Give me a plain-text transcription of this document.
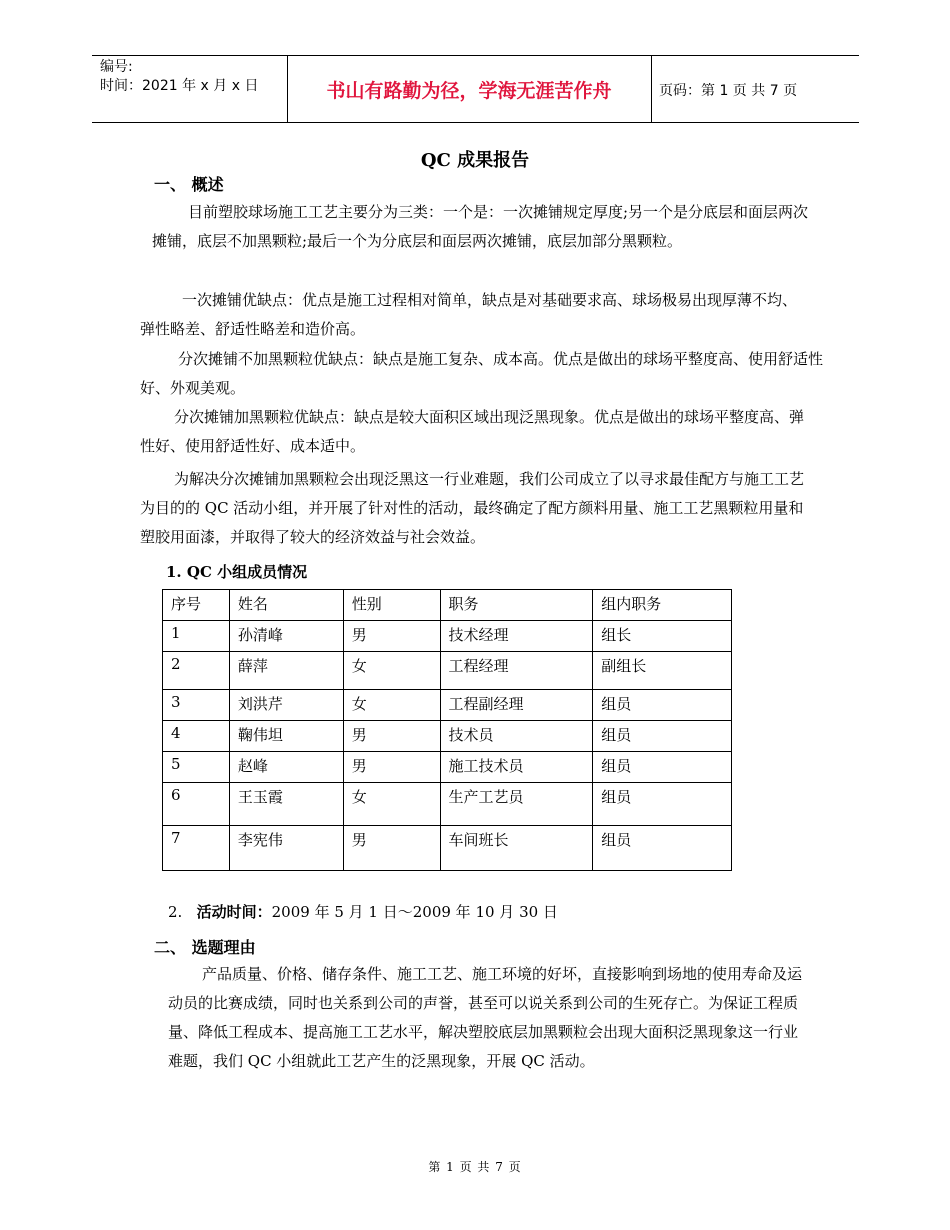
编号:
时间：2021 年 x 月 x 日	书山有路勤为径，学海无涯苦作舟	页码：第 1 页 共 7 页
QC 成果报告
一、 概述
目前塑胶球场施工工艺主要分为三类：一个是：一次摊铺规定厚度;另一个是分底层和面层两次摊铺，底层不加黑颗粒;最后一个为分底层和面层两次摊铺，底层加部分黑颗粒。
一次摊铺优缺点：优点是施工过程相对简单，缺点是对基础要求高、球场极易出现厚薄不均、弹性略差、舒适性略差和造价高。
分次摊铺不加黑颗粒优缺点：缺点是施工复杂、成本高。优点是做出的球场平整度高、使用舒适性好、外观美观。
分次摊铺加黑颗粒优缺点：缺点是较大面积区域出现泛黑现象。优点是做出的球场平整度高、弹性好、使用舒适性好、成本适中。
为解决分次摊铺加黑颗粒会出现泛黑这一行业难题，我们公司成立了以寻求最佳配方与施工工艺为目的的 QC 活动小组，并开展了针对性的活动，最终确定了配方颜料用量、施工工艺黑颗粒用量和塑胶用面漆，并取得了较大的经济效益与社会效益。
1. QC 小组成员情况
序号	姓名	性别	职务	组内职务
1	孙清峰	男	技术经理	组长
2	薛萍	女	工程经理	副组长
3	刘洪芹	女	工程副经理	组员
4	鞠伟坦	男	技术员	组员
5	赵峰	男	施工技术员	组员
6	王玉霞	女	生产工艺员	组员
7	李宪伟	男	车间班长	组员
2. 活动时间：2009 年 5 月 1 日～2009 年 10 月 30 日
二、 选题理由
产品质量、价格、储存条件、施工工艺、施工环境的好坏，直接影响到场地的使用寿命及运动员的比赛成绩，同时也关系到公司的声誉，甚至可以说关系到公司的生死存亡。为保证工程质量、降低工程成本、提高施工工艺水平，解决塑胶底层加黑颗粒会出现大面积泛黑现象这一行业难题，我们 QC 小组就此工艺产生的泛黑现象，开展 QC 活动。
第 1 页 共 7 页
